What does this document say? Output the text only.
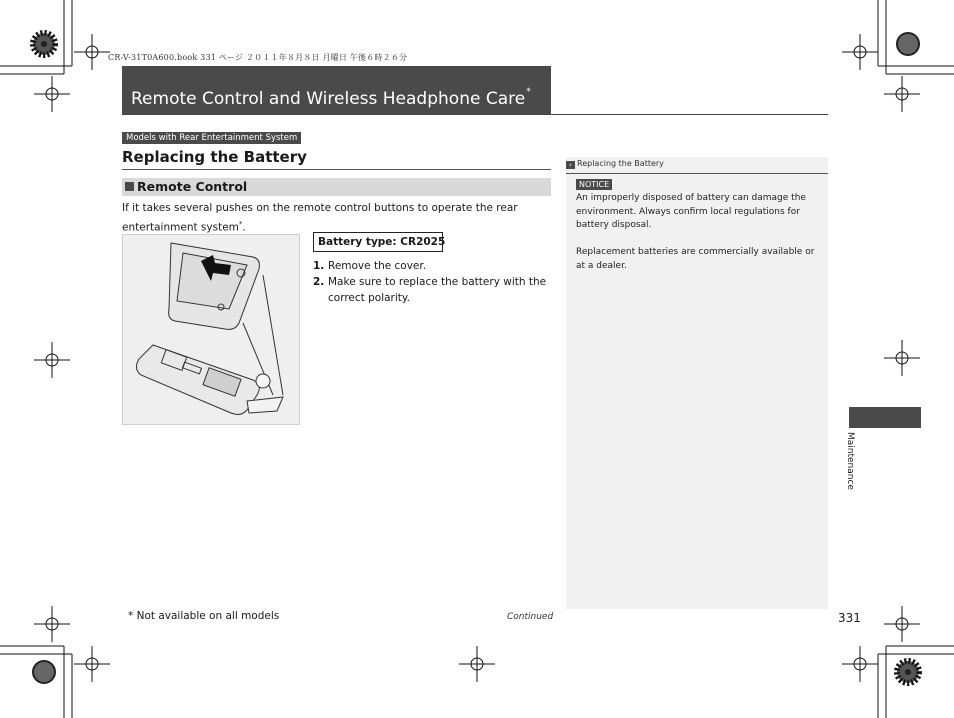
CR-V-31T0A600.book 331 ページ ２０１１年８月８日 月曜日 午後６時２６分
Remote Control and Wireless Headphone Care*
Models with Rear Entertainment System
Replacing the Battery
Remote Control
If it takes several pushes on the remote control buttons to operate the rear entertainment system*.
Battery type: CR2025
1. Remove the cover.
2. Make sure to replace the battery with the correct polarity.
› Replacing the Battery
NOTICE

An improperly disposed of battery can damage the environment. Always confirm local regulations for battery disposal.

Replacement batteries are commercially available or at a dealer.

Maintenance
* Not available on all models	Continued	331
